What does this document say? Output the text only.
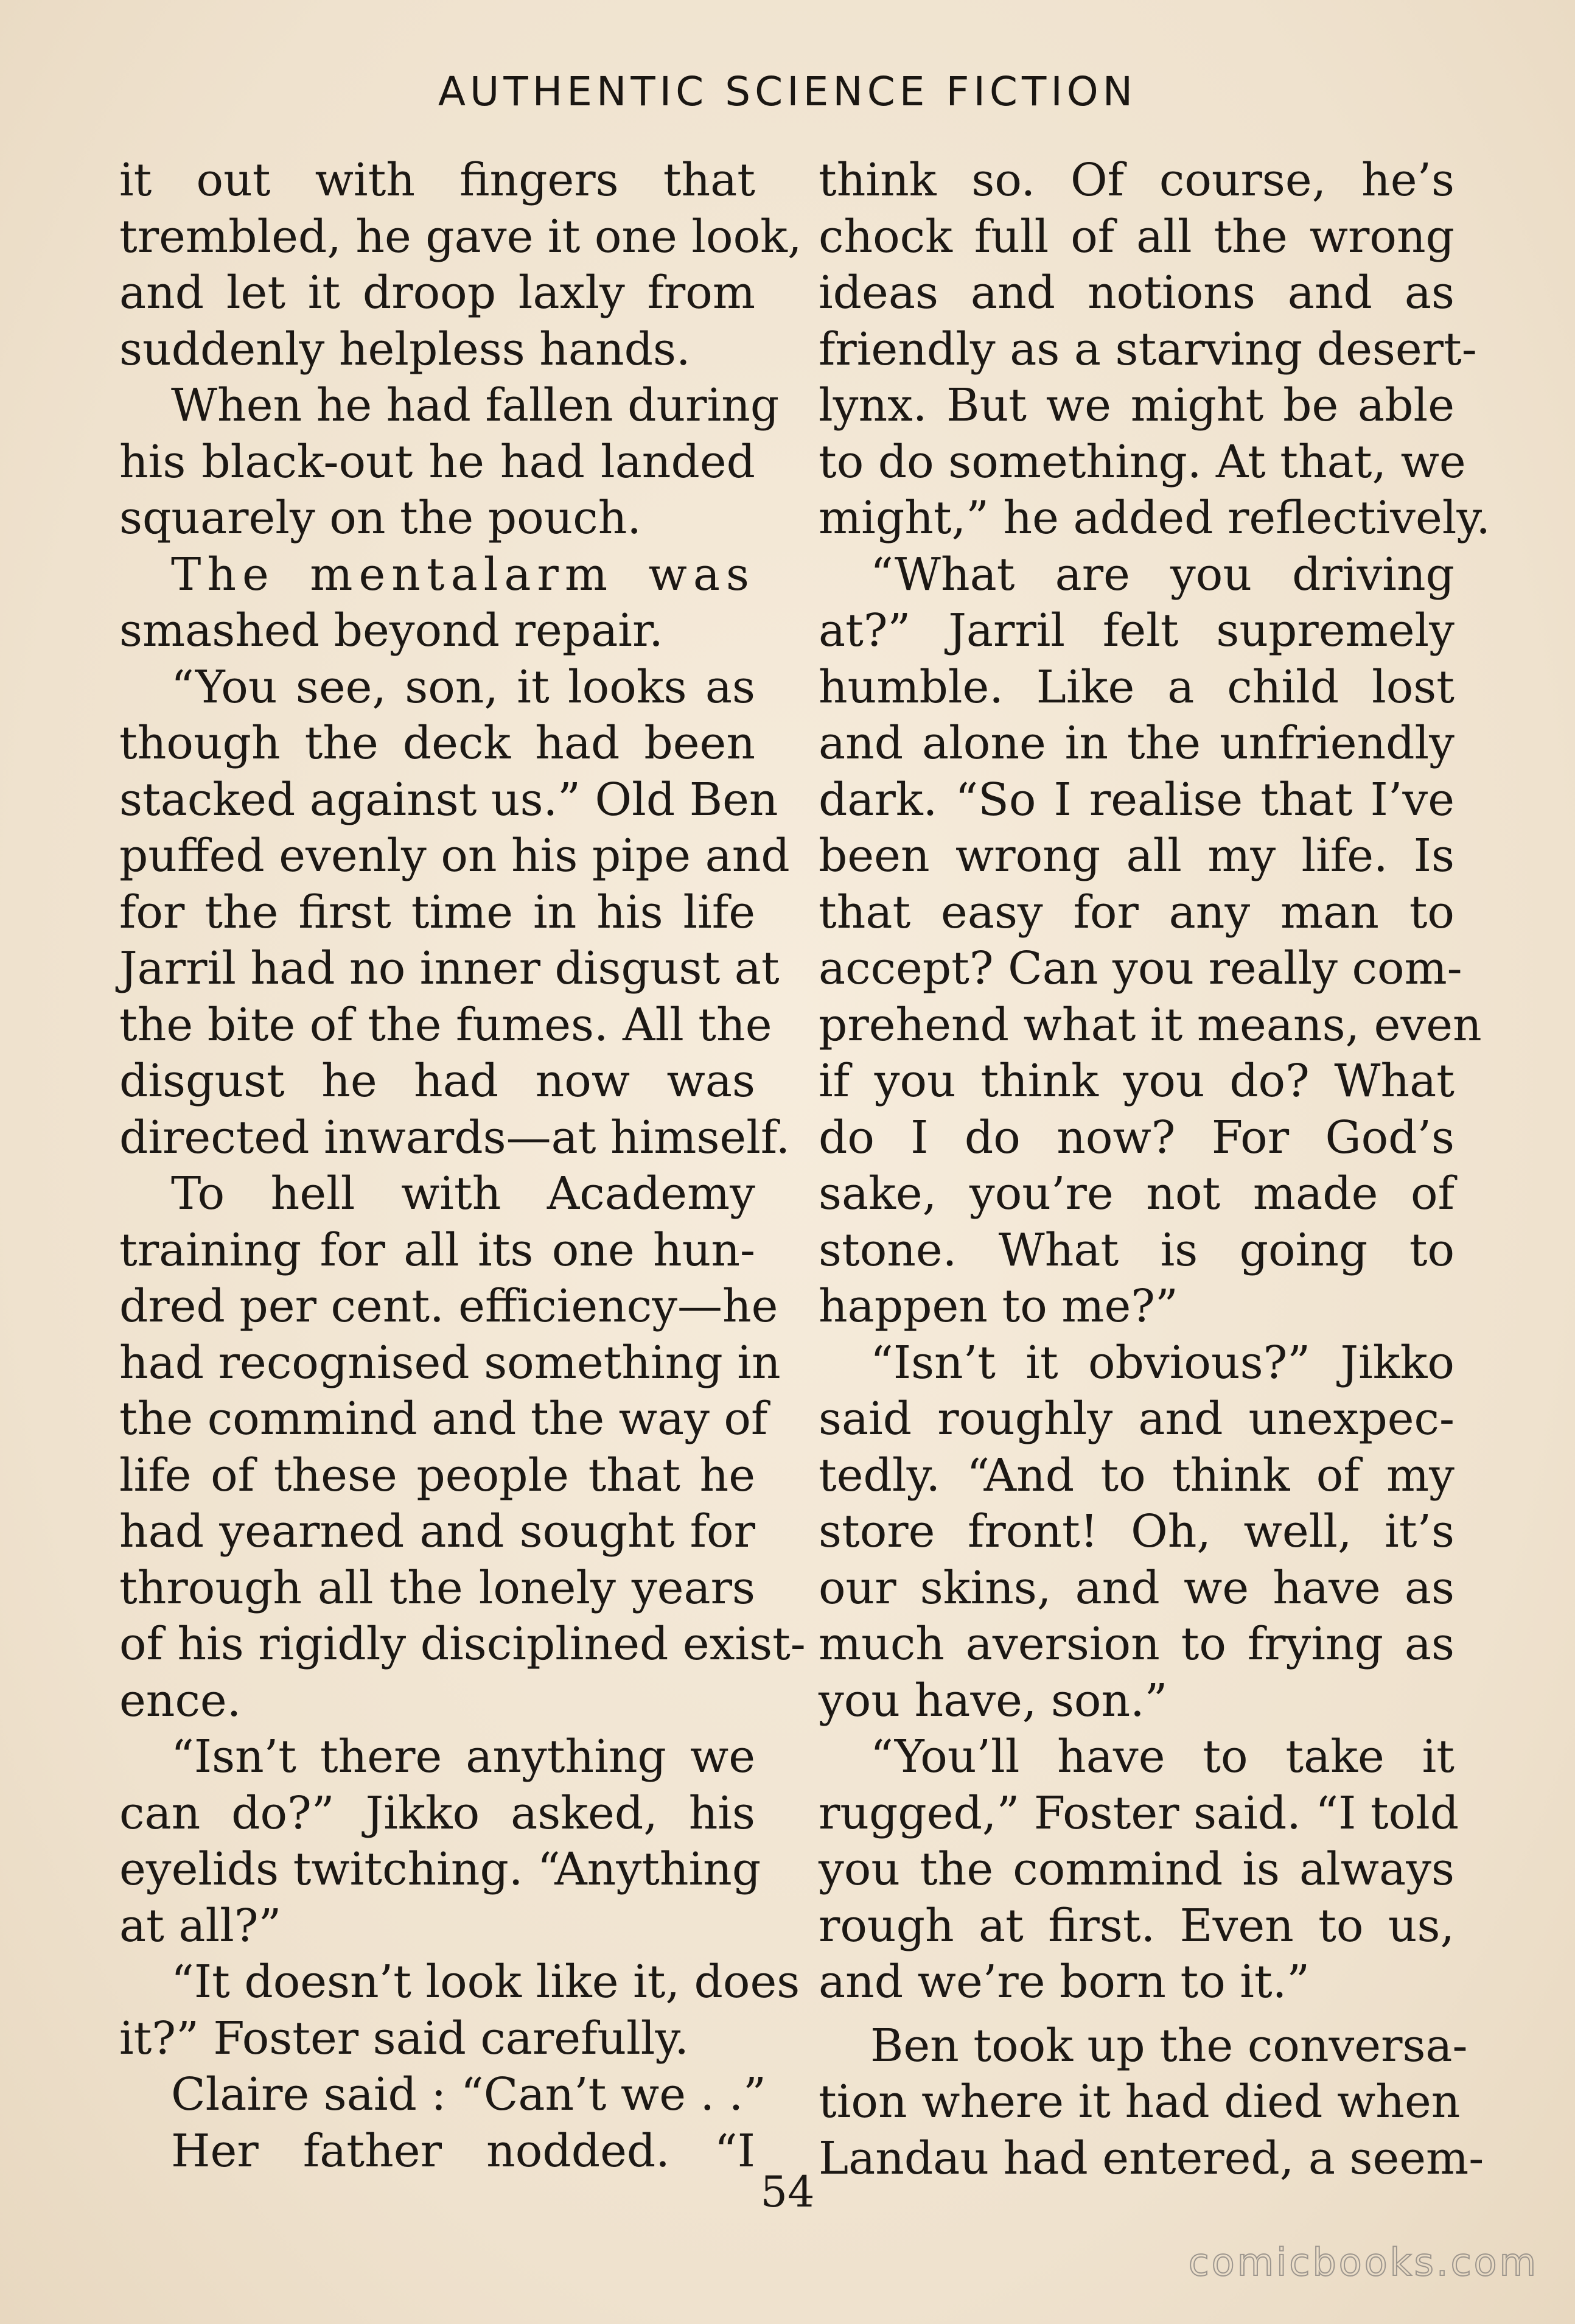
AUTHENTIC SCIENCE FICTION
it out with fingers that
trembled, he gave it one look,
and let it droop laxly from
suddenly helpless hands.
When he had fallen during
his black-out he had landed
squarely on the pouch.
The mentalarm was
smashed beyond repair.
“You see, son, it looks as
though the deck had been
stacked against us.” Old Ben
puffed evenly on his pipe and
for the first time in his life
Jarril had no inner disgust at
the bite of the fumes. All the
disgust he had now was
directed inwards—at himself.
To hell with Academy
training for all its one hun-
dred per cent. efficiency—he
had recognised something in
the commind and the way of
life of these people that he
had yearned and sought for
through all the lonely years
of his rigidly disciplined exist-
ence.
“Isn’t there anything we
can do?” Jikko asked, his
eyelids twitching. “Anything
at all?”
“It doesn’t look like it, does
it?” Foster said carefully.
Claire said : “Can’t we . .”
Her father nodded. “I
think so. Of course, he’s
chock full of all the wrong
ideas and notions and as
friendly as a starving desert-
lynx. But we might be able
to do something. At that, we
might,” he added reflectively.
“What are you driving
at?” Jarril felt supremely
humble. Like a child lost
and alone in the unfriendly
dark. “So I realise that I’ve
been wrong all my life. Is
that easy for any man to
accept? Can you really com-
prehend what it means, even
if you think you do? What
do I do now? For God’s
sake, you’re not made of
stone. What is going to
happen to me?”
“Isn’t it obvious?” Jikko
said roughly and unexpec-
tedly. “And to think of my
store front! Oh, well, it’s
our skins, and we have as
much aversion to frying as
you have, son.”
“You’ll have to take it
rugged,” Foster said. “I told
you the commind is always
rough at first. Even to us,
and we’re born to it.”
Ben took up the conversa-
tion where it had died when
Landau had entered, a seem-
54
comicbooks.com
